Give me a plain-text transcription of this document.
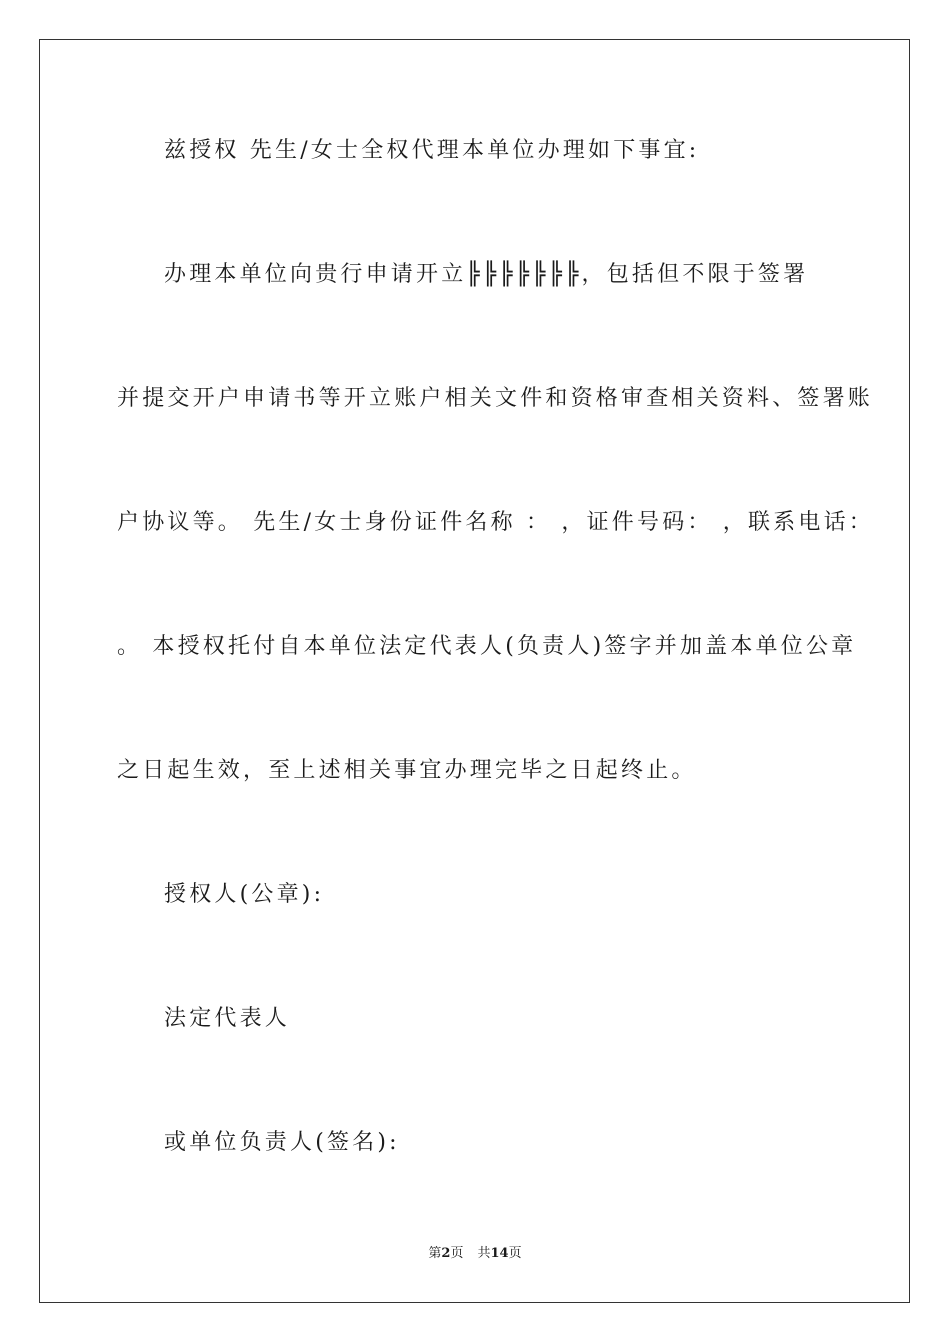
兹授权 先生/女士全权代理本单位办理如下事宜:
办理本单位向贵行申请开立╠╠╠╠╠╠╠，包括但不限于签署
并提交开户申请书等开立账户相关文件和资格审查相关资料、签署账
户协议等。 先生/女士身份证件名称 ： ，证件号码： ，联系电话：
。 本授权托付自本单位法定代表人(负责人)签字并加盖本单位公章
之日起生效，至上述相关事宜办理完毕之日起终止。
授权人(公章):
法定代表人
或单位负责人(签名):
第2页 共14页
